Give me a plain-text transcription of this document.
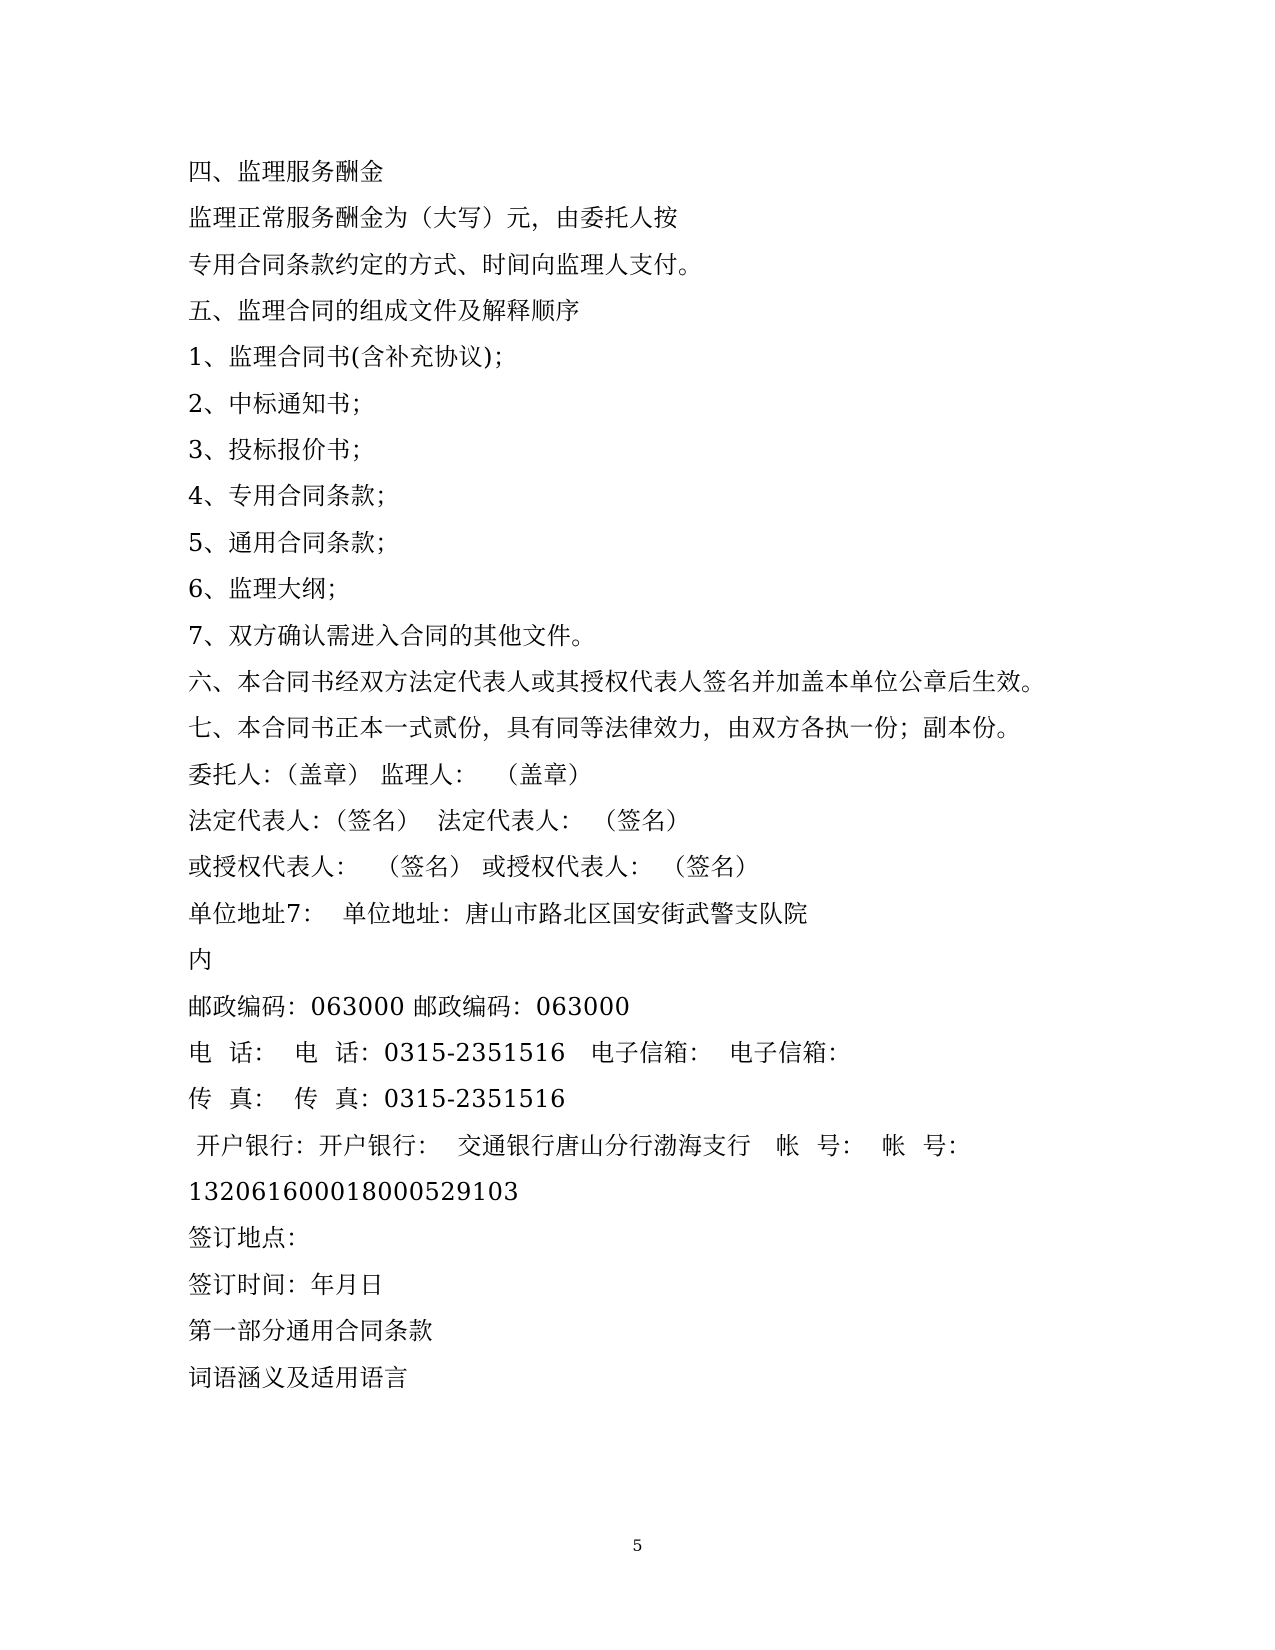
四、监理服务酬金
监理正常服务酬金为（大写）元，由委托人按
专用合同条款约定的方式、时间向监理人支付。
五、监理合同的组成文件及解释顺序
1、监理合同书(含补充协议)；
2、中标通知书；
3、投标报价书；
4、专用合同条款；
5、通用合同条款；
6、监理大纲；
7、双方确认需进入合同的其他文件。
六、本合同书经双方法定代表人或其授权代表人签名并加盖本单位公章后生效。
七、本合同书正本一式贰份，具有同等法律效力，由双方各执一份；副本份。
委托人：（盖章） 监理人：  （盖章）
法定代表人：（签名）  法定代表人： （签名）
或授权代表人：  （签名） 或授权代表人： （签名）
单位地址7：  单位地址：唐山市路北区国安街武警支队院
内
邮政编码：063000 邮政编码：063000
电  话：  电  话：0315-2351516   电子信箱：  电子信箱：
传  真：  传  真：0315-2351516
开户银行：开户银行：  交通银行唐山分行渤海支行   帐  号：  帐  号：
132061600018000529103
签订地点：
签订时间：年月日
第一部分通用合同条款
词语涵义及适用语言
5
